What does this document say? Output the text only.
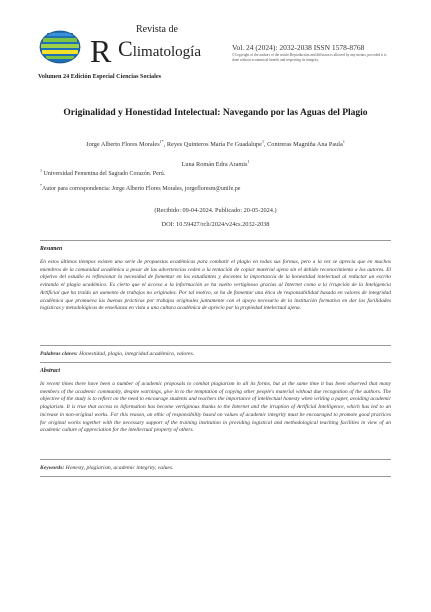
R
Revista de
Climatología	Vol. 24 (2024): 2032-2038 ISSN 1578-8768
©Copyright of the authors of the article.Reproduction and diffusion is allowed by any means, provided it is done without economical benefit and respecting its integrity.
Volumen 24 Edición Especial Ciencias Sociales
Originalidad y Honestidad Intelectual: Navegando por las Aguas del Plagio
Jorge Alberto Flores Morales$^{1*}$, Reyes Quinteros María Fe Guadalupe$^1$, Contreras Magniña Ana Paula$^1$
Luna Román Edra Aramis$^1$
$^1$ Universidad Femenina del Sagrado Corazón. Perú.
*Autor para correspondencia: Jorge Alberto Flores Morales, jorgefloresm@unife.pe
(Recibido: 09-04-2024. Publicado: 20-05-2024.)
DOI: 10.59427/rcli/2024/v24cs.2032-2038
Resumen
En estos últimos tiempos existen una serie de propuestas académicas para combatir el plagio en todas sus formas, pero a la vez se aprecia que en muchos miembros de la comunidad académica a pesar de las advertencias ceden a la tentación de copiar material ajeno sin el debido reconocimiento a los autores. El objetivo del estudio es reflexionar la necesidad de fomentar en los estudiantes y docentes la importancia de la honestidad intelectual al redactar un escrito evitando el plagio académico. Es cierto que el acceso a la información se ha vuelto vertiginoso gracias al Internet como a la irrupción de la Inteligencia Artificial que ha traído un aumento de trabajos no originales. Por tal motivo, se ha de fomentar una ética de responsabilidad basada en valores de integridad académica que promueva las buenas prácticas por trabajos originales juntamente con el apoyo necesario de la institución formativa en dar las facilidades logísticas y metodológicas de enseñanza en vista a una cultura académica de aprecio por la propiedad intelectual ajena.
Palabras claves: Honestidad, plagio, integridad académica, valores.
Abstract
In recent times there have been a number of academic proposals to combat plagiarism in all its forms, but at the same time it has been observed that many members of the academic community, despite warnings, give in to the temptation of copying other people's material without due recognition of the authors. The objective of the study is to reflect on the need to encourage students and teachers the importance of intellectual honesty when writing a paper, avoiding academic plagiarism. It is true that access to information has become vertiginous thanks to the Internet and the irruption of Artificial Intelligence, which has led to an increase in non-original works. For this reason, an ethic of responsibility based on values of academic integrity must be encouraged to promote good practices for original works together with the necessary support of the training institution in providing logistical and methodological teaching facilities in view of an academic culture of appreciation for the intellectual property of others.
Keywords: Honesty, plagiarism, academic integrity, values.
